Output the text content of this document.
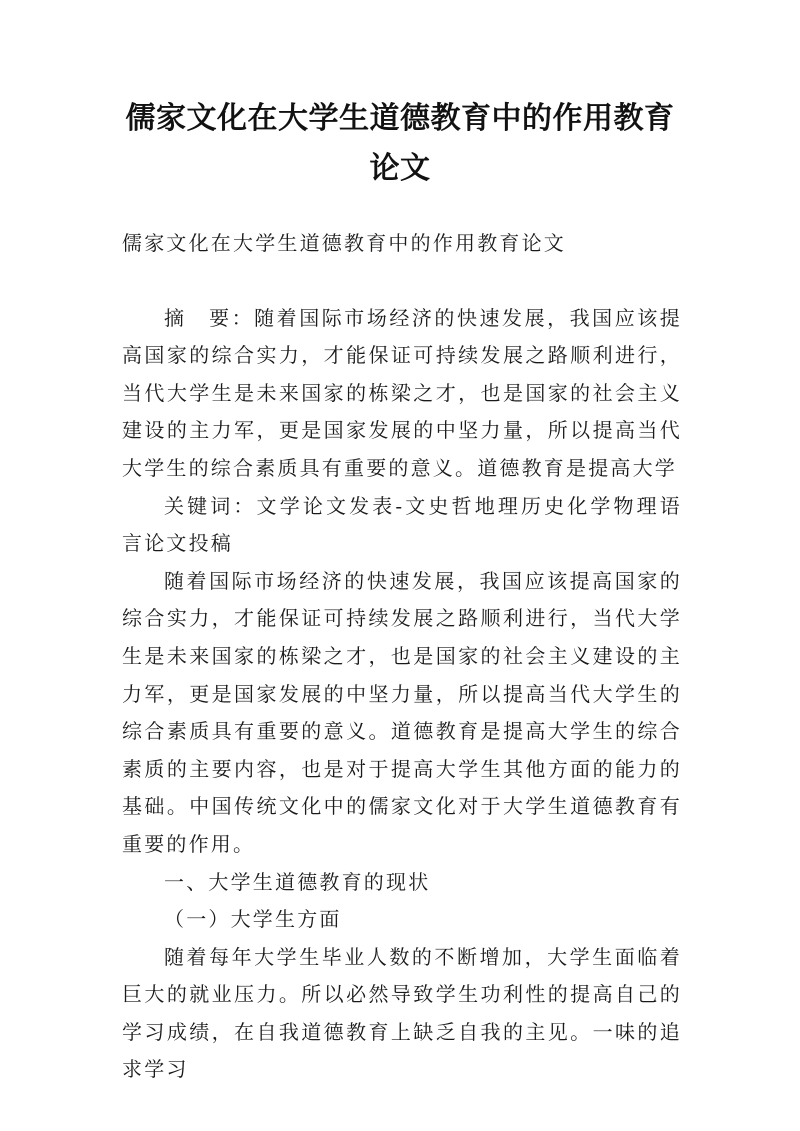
儒家文化在大学生道德教育中的作用教育
论文

儒家文化在大学生道德教育中的作用教育论文

摘　要：随着国际市场经济的快速发展，我国应该提高国家的综合实力，才能保证可持续发展之路顺利进行，当代大学生是未来国家的栋梁之才，也是国家的社会主义建设的主力军，更是国家发展的中坚力量，所以提高当代大学生的综合素质具有重要的意义。道德教育是提高大学

关键词：文学论文发表-文史哲地理历史化学物理语言论文投稿

随着国际市场经济的快速发展，我国应该提高国家的综合实力，才能保证可持续发展之路顺利进行，当代大学生是未来国家的栋梁之才，也是国家的社会主义建设的主力军，更是国家发展的中坚力量，所以提高当代大学生的综合素质具有重要的意义。道德教育是提高大学生的综合素质的主要内容，也是对于提高大学生其他方面的能力的基础。中国传统文化中的儒家文化对于大学生道德教育有重要的作用。

一、大学生道德教育的现状

（一）大学生方面

随着每年大学生毕业人数的不断增加，大学生面临着巨大的就业压力。所以必然导致学生功利性的提高自己的学习成绩，在自我道德教育上缺乏自我的主见。一味的追求学习
